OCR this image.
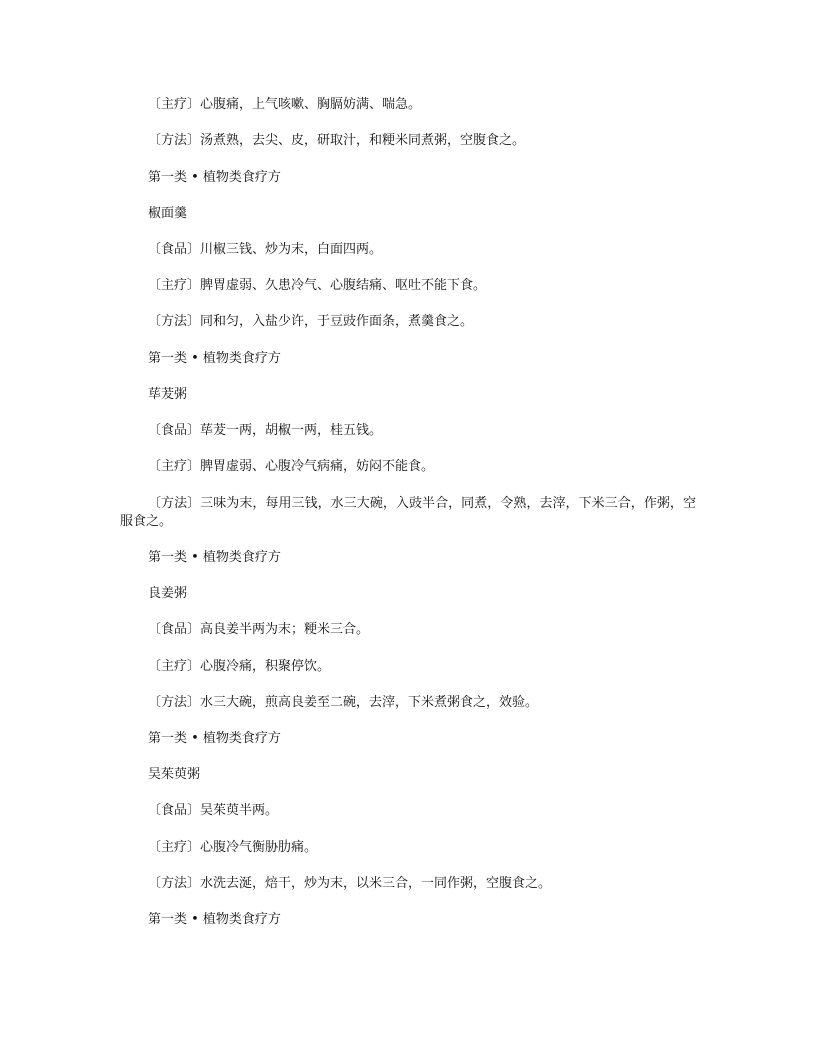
〔主疗〕心腹痛，上气咳嗽、胸膈妨满、喘急。
〔方法〕汤煮熟，去尖、皮，研取汁，和粳米同煮粥，空腹食之。
第一类 • 植物类食疗方
椒面羹
〔食品〕川椒三钱、炒为末，白面四两。
〔主疗〕脾胃虚弱、久患冷气、心腹结痛、呕吐不能下食。
〔方法〕同和匀，入盐少许，于豆豉作面条，煮羹食之。
第一类 • 植物类食疗方
荜茇粥
〔食品〕荜茇一两，胡椒一两，桂五钱。
〔主疗〕脾胃虚弱、心腹冷气病痛，妨闷不能食。
〔方法〕三味为末，每用三钱，水三大碗，入豉半合，同煮，令熟，去滓，下米三合，作粥，空服食之。
第一类 • 植物类食疗方
良姜粥
〔食品〕高良姜半两为末；粳米三合。
〔主疗〕心腹冷痛，积聚停饮。
〔方法〕水三大碗，煎高良姜至二碗，去滓，下米煮粥食之，效验。
第一类 • 植物类食疗方
吴茱萸粥
〔食品〕吴茱萸半两。
〔主疗〕心腹冷气衡胁肋痛。
〔方法〕水洗去涎，焙干，炒为末，以米三合，一同作粥，空腹食之。
第一类 • 植物类食疗方
